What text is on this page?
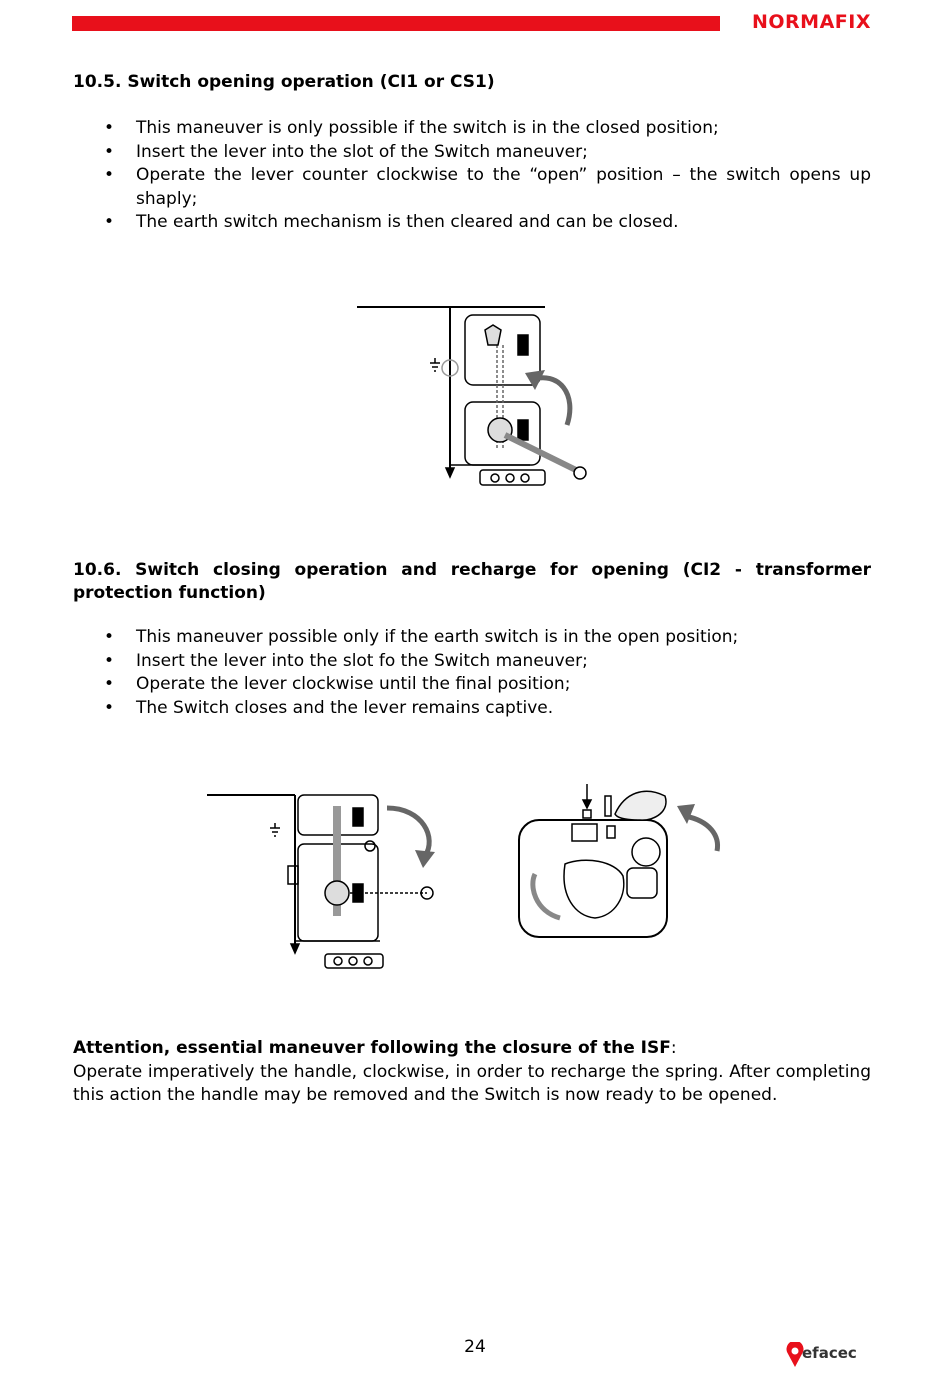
NORMAFIX
10.5. Switch opening operation (CI1 or CS1)
• This maneuver is only possible if the switch is in the closed position;
• Insert the lever into the slot of the Switch maneuver;
• Operate the lever counter clockwise to the “open” position – the switch opens up shaply;
• The earth switch mechanism is then cleared and can be closed.
10.6. Switch closing operation and recharge for opening (CI2 - transformer protection function)
• This maneuver possible only if the earth switch is in the open position;
• Insert the lever into the slot fo the Switch maneuver;
• Operate the lever clockwise until the final position;
• The Switch closes and the lever remains captive.
Attention, essential maneuver following the closure of the ISF:
Operate imperatively the handle, clockwise, in order to recharge the spring. After completing this action the handle may be removed and the Switch is now ready to be opened.
24	efacec
